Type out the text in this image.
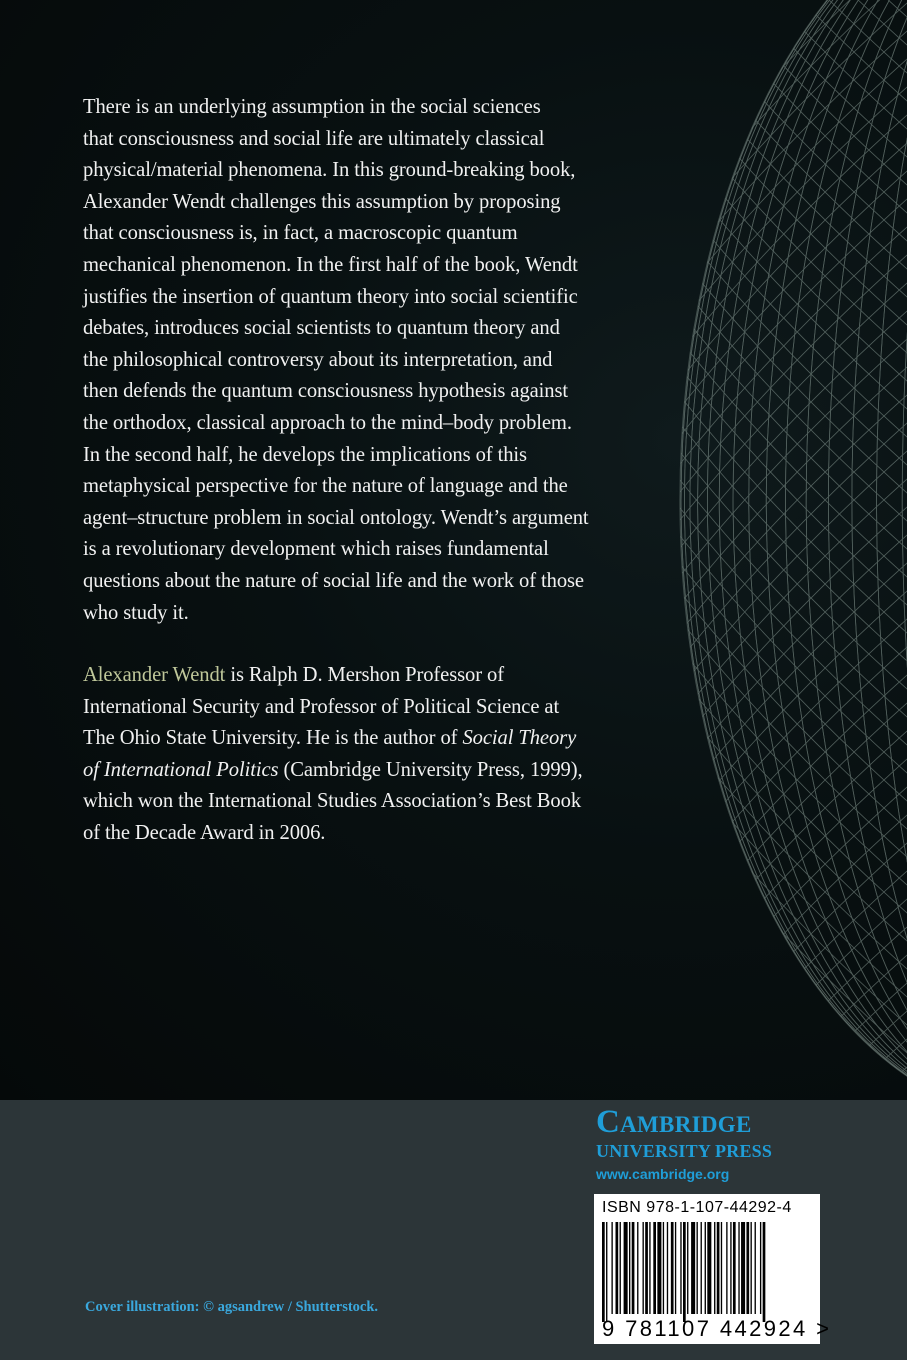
There is an underlying assumption in the social sciences
that consciousness and social life are ultimately classical
physical/material phenomena. In this ground-breaking book,
Alexander Wendt challenges this assumption by proposing
that consciousness is, in fact, a macroscopic quantum
mechanical phenomenon. In the first half of the book, Wendt
justifies the insertion of quantum theory into social scientific
debates, introduces social scientists to quantum theory and
the philosophical controversy about its interpretation, and
then defends the quantum consciousness hypothesis against
the orthodox, classical approach to the mind–body problem.
In the second half, he develops the implications of this
metaphysical perspective for the nature of language and the
agent–structure problem in social ontology. Wendt’s argument
is a revolutionary development which raises fundamental
questions about the nature of social life and the work of those
who study it.

Alexander Wendt is Ralph D. Mershon Professor of
International Security and Professor of Political Science at
The Ohio State University. He is the author of Social Theory
of International Politics (Cambridge University Press, 1999),
which won the International Studies Association’s Best Book
of the Decade Award in 2006.

Cambridge
UNIVERSITY PRESS
www.cambridge.org
ISBN 978-1-107-44292-4
9 781107 442924 >
Cover illustration: © agsandrew / Shutterstock.
